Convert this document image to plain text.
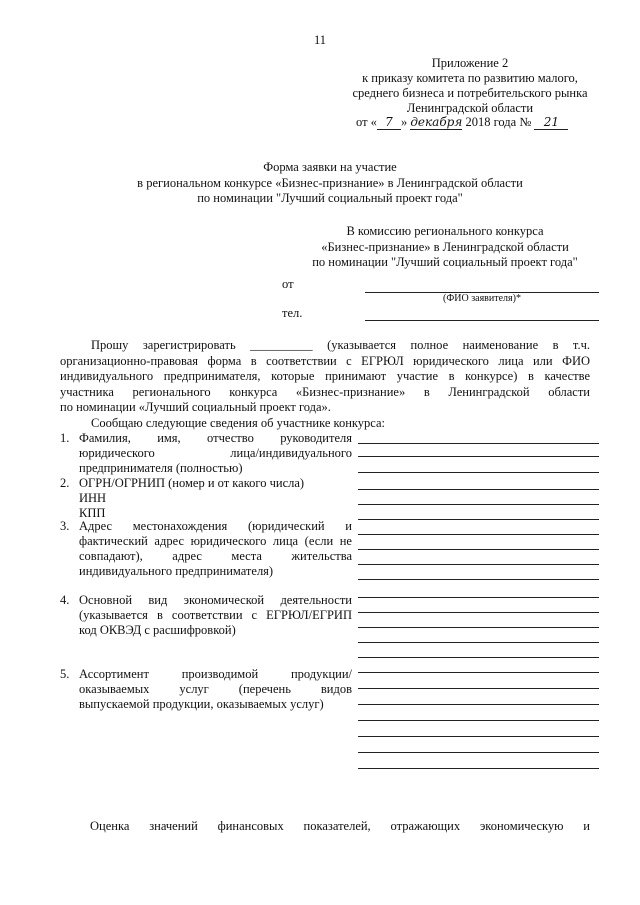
11
Приложение 2
к приказу комитета по развитию малого,
среднего бизнеса и потребительского рынка
Ленинградской области
от « 7 » декабря 2018 года № 21
Форма заявки на участие
в региональном конкурсе «Бизнес-признание» в Ленинградской области
по номинации "Лучший социальный проект года"
В комиссию регионального конкурса
«Бизнес-признание» в Ленинградской области
по номинации "Лучший социальный проект года"
от
(ФИО заявителя)*
тел.
Прошу зарегистрировать __________ (указывается полное наименование в т.ч.
организационно-правовая форма в соответствии с ЕГРЮЛ юридического лица или ФИО
индивидуального предпринимателя, которые принимают участие в конкурсе) в качестве
участника регионального конкурса «Бизнес-признание» в Ленинградской области
по номинации «Лучший социальный проект года».
Сообщаю следующие сведения об участнике конкурса:
1. Фамилия, имя, отчество руководителя
юридического лица/индивидуального
предпринимателя (полностью)
2. ОГРН/ОГРНИП (номер и от какого числа)
ИНН
КПП
3. Адрес местонахождения (юридический и
фактический адрес юридического лица (если не
совпадают), адрес места жительства
индивидуального предпринимателя)
4. Основной вид экономической деятельности
(указывается в соответствии с ЕГРЮЛ/ЕГРИП
код ОКВЭД с расшифровкой)
5. Ассортимент производимой продукции/
оказываемых услуг (перечень видов
выпускаемой продукции, оказываемых услуг)
Оценка значений финансовых показателей, отражающих экономическую и
